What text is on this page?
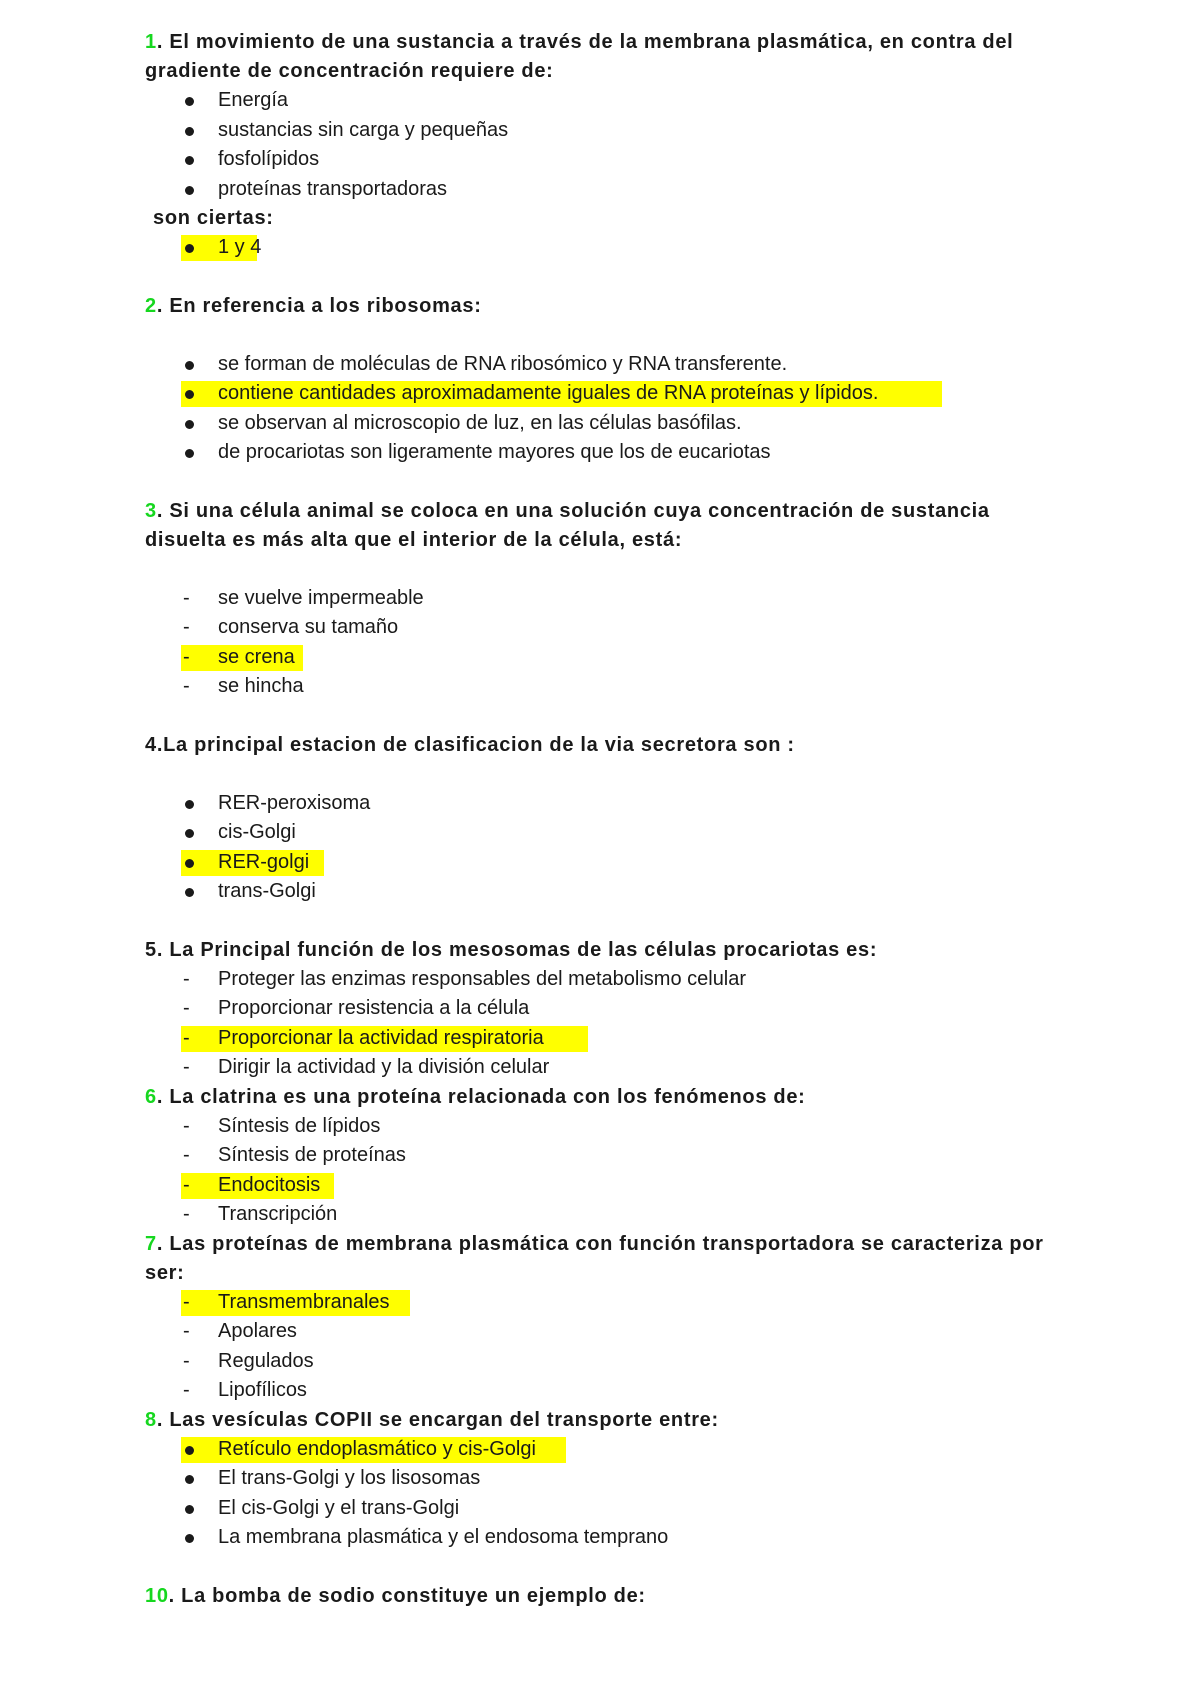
1. El movimiento de una sustancia a través de la membrana plasmática, en contra del gradiente de concentración requiere de:

Energía
sustancias sin carga y pequeñas
fosfolípidos
proteínas transportadoras

son ciertas:

1 y 4

2. En referencia a los ribosomas:

se forman de moléculas de RNA ribosómico y RNA transferente.
contiene cantidades aproximadamente iguales de RNA proteínas y lípidos.
se observan al microscopio de luz, en las células basófilas.
de procariotas son ligeramente mayores que los de eucariotas

3. Si una célula animal se coloca en una solución cuya concentración de sustancia disuelta es más alta que el interior de la célula, está:

- se vuelve impermeable
- conserva su tamaño
- se crena
- se hincha

4.La principal estacion de clasificacion de la via secretora son :

RER-peroxisoma
cis-Golgi
RER-golgi
trans-Golgi

5. La Principal función de los mesosomas de las células procariotas es:

- Proteger las enzimas responsables del metabolismo celular
- Proporcionar resistencia a la célula
- Proporcionar la actividad respiratoria
- Dirigir la actividad y la división celular

6. La clatrina es una proteína relacionada con los fenómenos de:

- Síntesis de lípidos
- Síntesis de proteínas
- Endocitosis
- Transcripción

7. Las proteínas de membrana plasmática con función transportadora se caracteriza por ser:

- Transmembranales
- Apolares
- Regulados
- Lipofílicos

8. Las vesículas COPII se encargan del transporte entre:

Retículo endoplasmático y cis-Golgi
El trans-Golgi y los lisosomas
El cis-Golgi y el trans-Golgi
La membrana plasmática y el endosoma temprano

10. La bomba de sodio constituye un ejemplo de:
